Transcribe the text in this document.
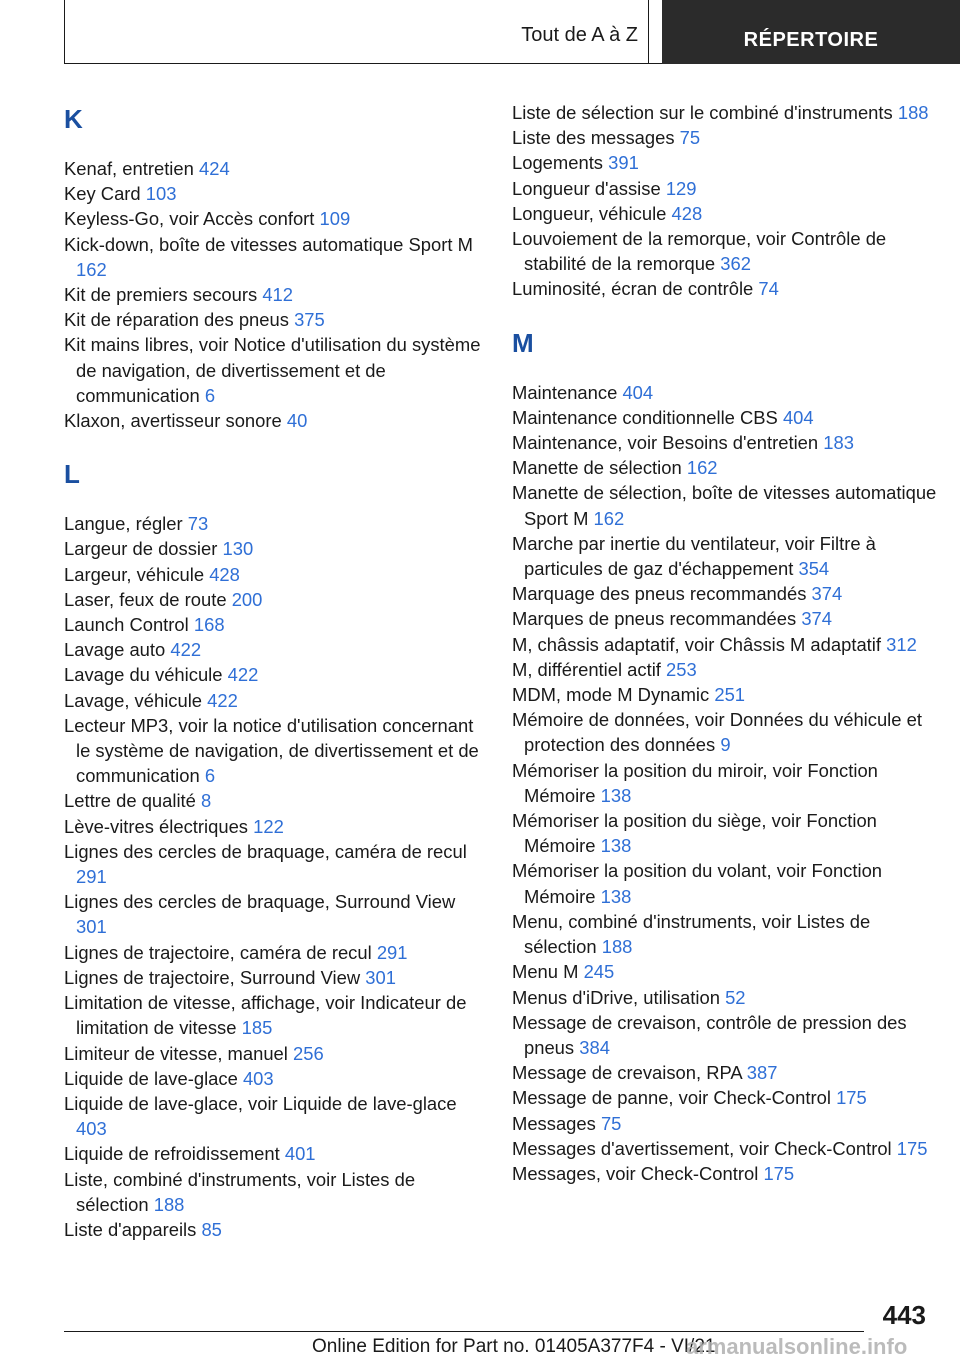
Tout de A à Z	RÉPERTOIRE
K
Kenaf, entretien 424
Key Card 103
Keyless-Go, voir Accès confort 109
Kick-down, boîte de vitesses automatique Sport M 162
Kit de premiers secours 412
Kit de réparation des pneus 375
Kit mains libres, voir Notice d'utilisation du système de navigation, de divertissement et de communication 6
Klaxon, avertisseur sonore 40
L
Langue, régler 73
Largeur de dossier 130
Largeur, véhicule 428
Laser, feux de route 200
Launch Control 168
Lavage auto 422
Lavage du véhicule 422
Lavage, véhicule 422
Lecteur MP3, voir la notice d'utilisation concernant le système de navigation, de divertissement et de communication 6
Lettre de qualité 8
Lève-vitres électriques 122
Lignes des cercles de braquage, caméra de recul 291
Lignes des cercles de braquage, Surround View 301
Lignes de trajectoire, caméra de recul 291
Lignes de trajectoire, Surround View 301
Limitation de vitesse, affichage, voir Indicateur de limitation de vitesse 185
Limiteur de vitesse, manuel 256
Liquide de lave-glace 403
Liquide de lave-glace, voir Liquide de lave-glace 403
Liquide de refroidissement 401
Liste, combiné d'instruments, voir Listes de sélection 188
Liste d'appareils 85
Liste de sélection sur le combiné d'instruments 188
Liste des messages 75
Logements 391
Longueur d'assise 129
Longueur, véhicule 428
Louvoiement de la remorque, voir Contrôle de stabilité de la remorque 362
Luminosité, écran de contrôle 74
M
Maintenance 404
Maintenance conditionnelle CBS 404
Maintenance, voir Besoins d'entretien 183
Manette de sélection 162
Manette de sélection, boîte de vitesses automatique Sport M 162
Marche par inertie du ventilateur, voir Filtre à particules de gaz d'échappement 354
Marquage des pneus recommandés 374
Marques de pneus recommandées 374
M, châssis adaptatif, voir Châssis M adaptatif 312
M, différentiel actif 253
MDM, mode M Dynamic 251
Mémoire de données, voir Données du véhicule et protection des données 9
Mémoriser la position du miroir, voir Fonction Mémoire 138
Mémoriser la position du siège, voir Fonction Mémoire 138
Mémoriser la position du volant, voir Fonction Mémoire 138
Menu, combiné d'instruments, voir Listes de sélection 188
Menu M 245
Menus d'iDrive, utilisation 52
Message de crevaison, contrôle de pression des pneus 384
Message de crevaison, RPA 387
Message de panne, voir Check-Control 175
Messages 75
Messages d'avertissement, voir Check-Control 175
Messages, voir Check-Control 175
443
Online Edition for Part no. 01405A377F4 - VI/21
armanualsonline.info
